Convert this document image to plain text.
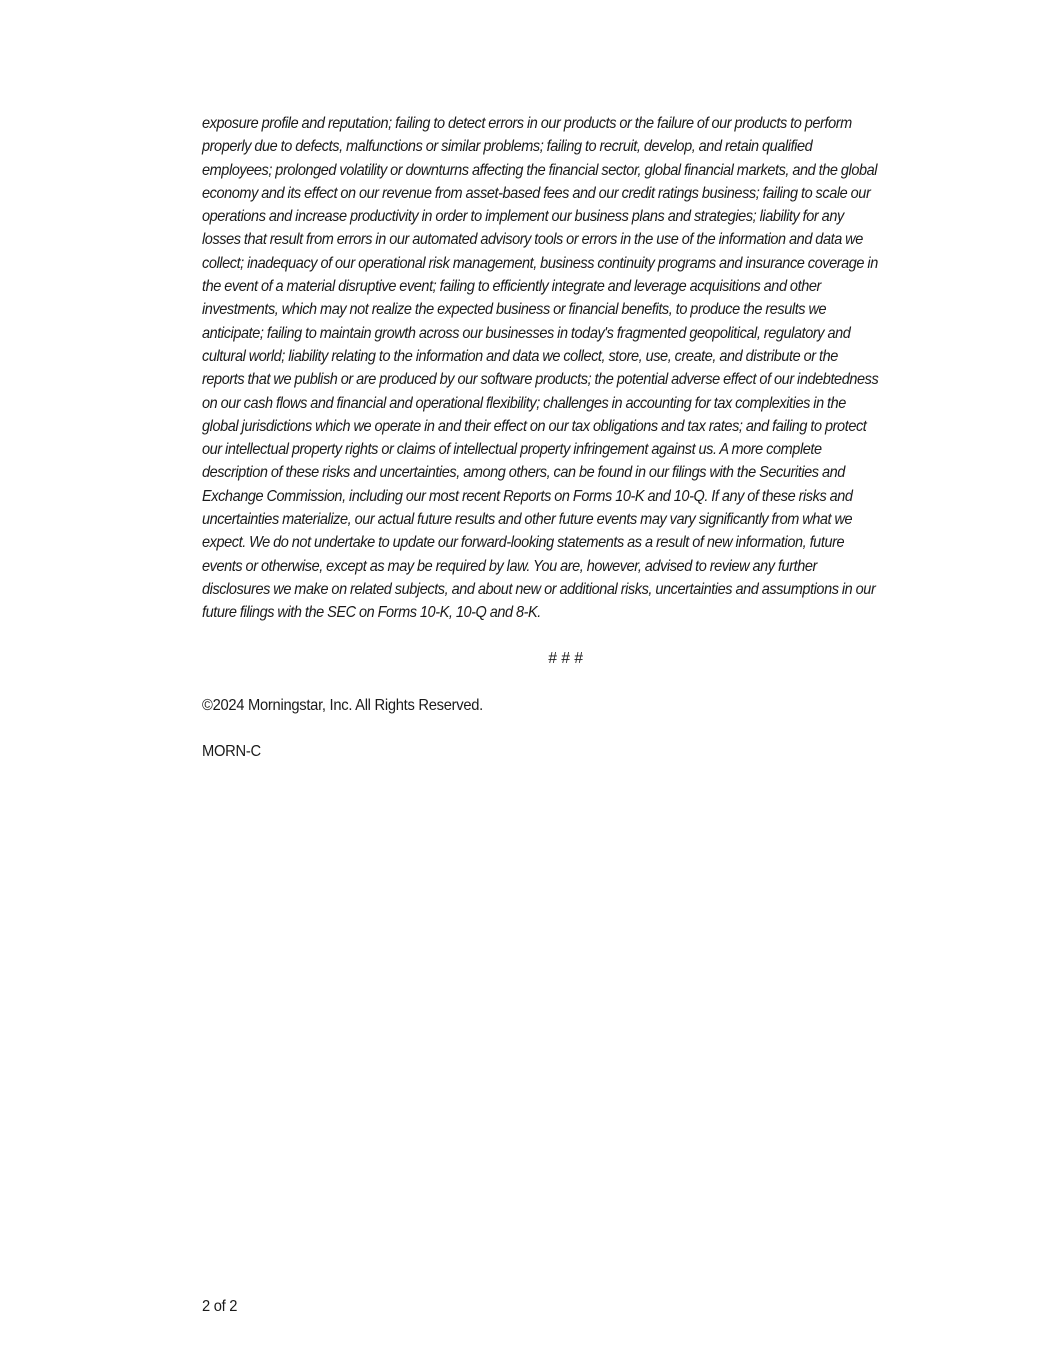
exposure profile and reputation; failing to detect errors in our products or the failure of our products to perform properly due to defects, malfunctions or similar problems; failing to recruit, develop, and retain qualified employees; prolonged volatility or downturns affecting the financial sector, global financial markets, and the global economy and its effect on our revenue from asset-based fees and our credit ratings business; failing to scale our operations and increase productivity in order to implement our business plans and strategies; liability for any losses that result from errors in our automated advisory tools or errors in the use of the information and data we collect; inadequacy of our operational risk management, business continuity programs and insurance coverage in the event of a material disruptive event; failing to efficiently integrate and leverage acquisitions and other investments, which may not realize the expected business or financial benefits, to produce the results we anticipate; failing to maintain growth across our businesses in today's fragmented geopolitical, regulatory and cultural world; liability relating to the information and data we collect, store, use, create, and distribute or the reports that we publish or are produced by our software products; the potential adverse effect of our indebtedness on our cash flows and financial and operational flexibility; challenges in accounting for tax complexities in the global jurisdictions which we operate in and their effect on our tax obligations and tax rates; and failing to protect our intellectual property rights or claims of intellectual property infringement against us. A more complete description of these risks and uncertainties, among others, can be found in our filings with the Securities and Exchange Commission, including our most recent Reports on Forms 10-K and 10-Q. If any of these risks and uncertainties materialize, our actual future results and other future events may vary significantly from what we expect. We do not undertake to update our forward-looking statements as a result of new information, future events or otherwise, except as may be required by law. You are, however, advised to review any further disclosures we make on related subjects, and about new or additional risks, uncertainties and assumptions in our future filings with the SEC on Forms 10-K, 10-Q and 8-K.

# # #

©2024 Morningstar, Inc. All Rights Reserved.

MORN-C

2 of 2
